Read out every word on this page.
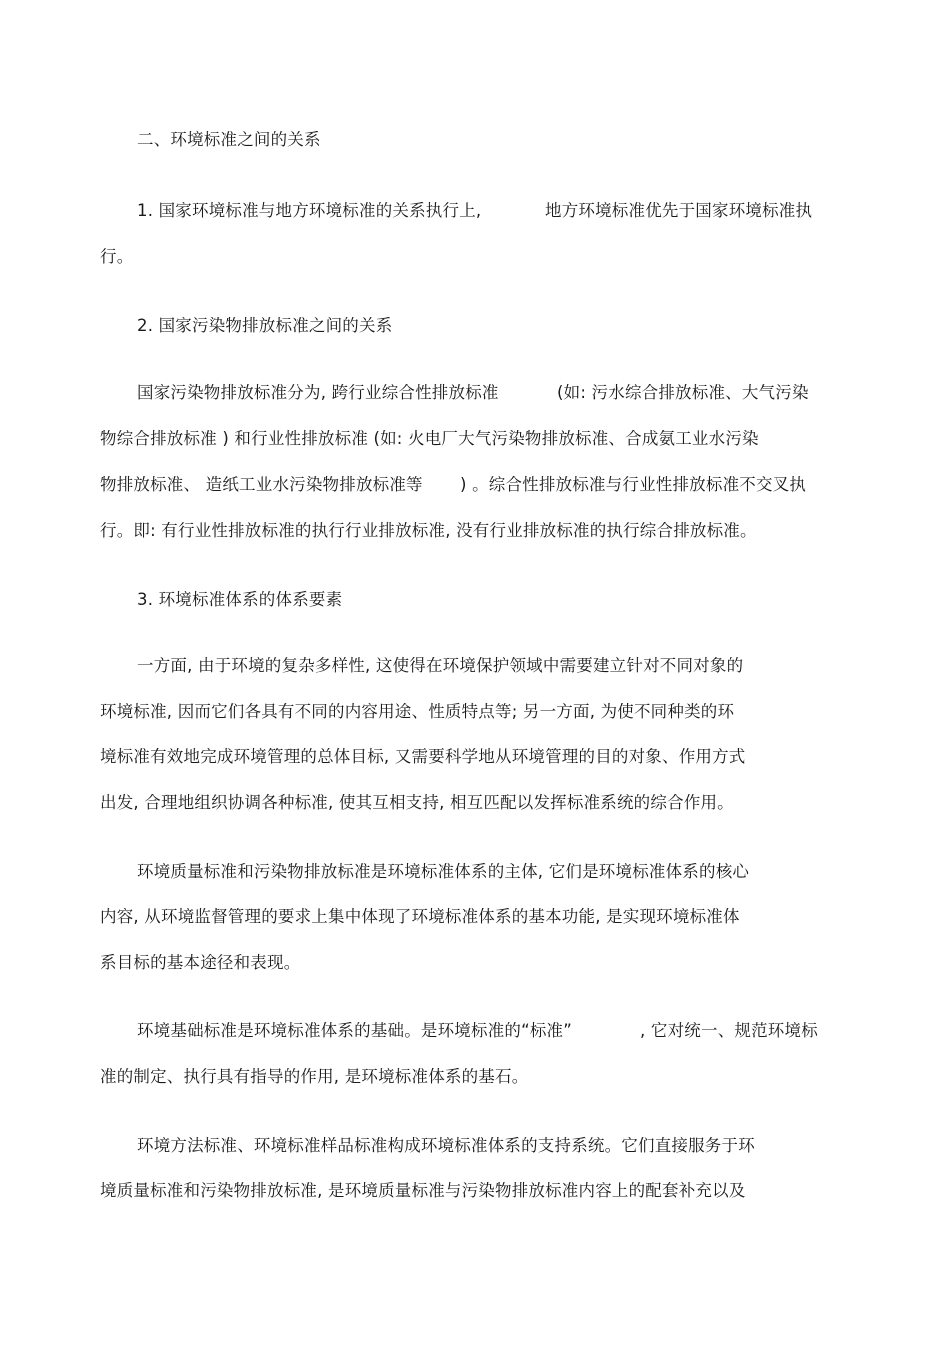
二、环境标准之间的关系
1. 国家环境标准与地方环境标准的关系执行上,	地方环境标准优先于国家环境标准执
行。
2. 国家污染物排放标准之间的关系
国家污染物排放标准分为, 跨行业综合性排放标准	(如: 污水综合排放标准、大气污染
物综合排放标准 ) 和行业性排放标准 (如: 火电厂大气污染物排放标准、合成氨工业水污染
物排放标准、 造纸工业水污染物排放标准等 ) 。综合性排放标准与行业性排放标准不交叉执
行。即: 有行业性排放标准的执行行业排放标准, 没有行业排放标准的执行综合排放标准。
3. 环境标准体系的体系要素
一方面, 由于环境的复杂多样性, 这使得在环境保护领域中需要建立针对不同对象的
环境标准, 因而它们各具有不同的内容用途、性质特点等; 另一方面, 为使不同种类的环
境标准有效地完成环境管理的总体目标, 又需要科学地从环境管理的目的对象、作用方式
出发, 合理地组织协调各种标准, 使其互相支持, 相互匹配以发挥标准系统的综合作用。
环境质量标准和污染物排放标准是环境标准体系的主体, 它们是环境标准体系的核心
内容, 从环境监督管理的要求上集中体现了环境标准体系的基本功能, 是实现环境标准体
系目标的基本途径和表现。
环境基础标准是环境标准体系的基础。是环境标准的“标准”	, 它对统一、规范环境标
准的制定、执行具有指导的作用, 是环境标准体系的基石。
环境方法标准、环境标准样品标准构成环境标准体系的支持系统。它们直接服务于环
境质量标准和污染物排放标准, 是环境质量标准与污染物排放标准内容上的配套补充以及
